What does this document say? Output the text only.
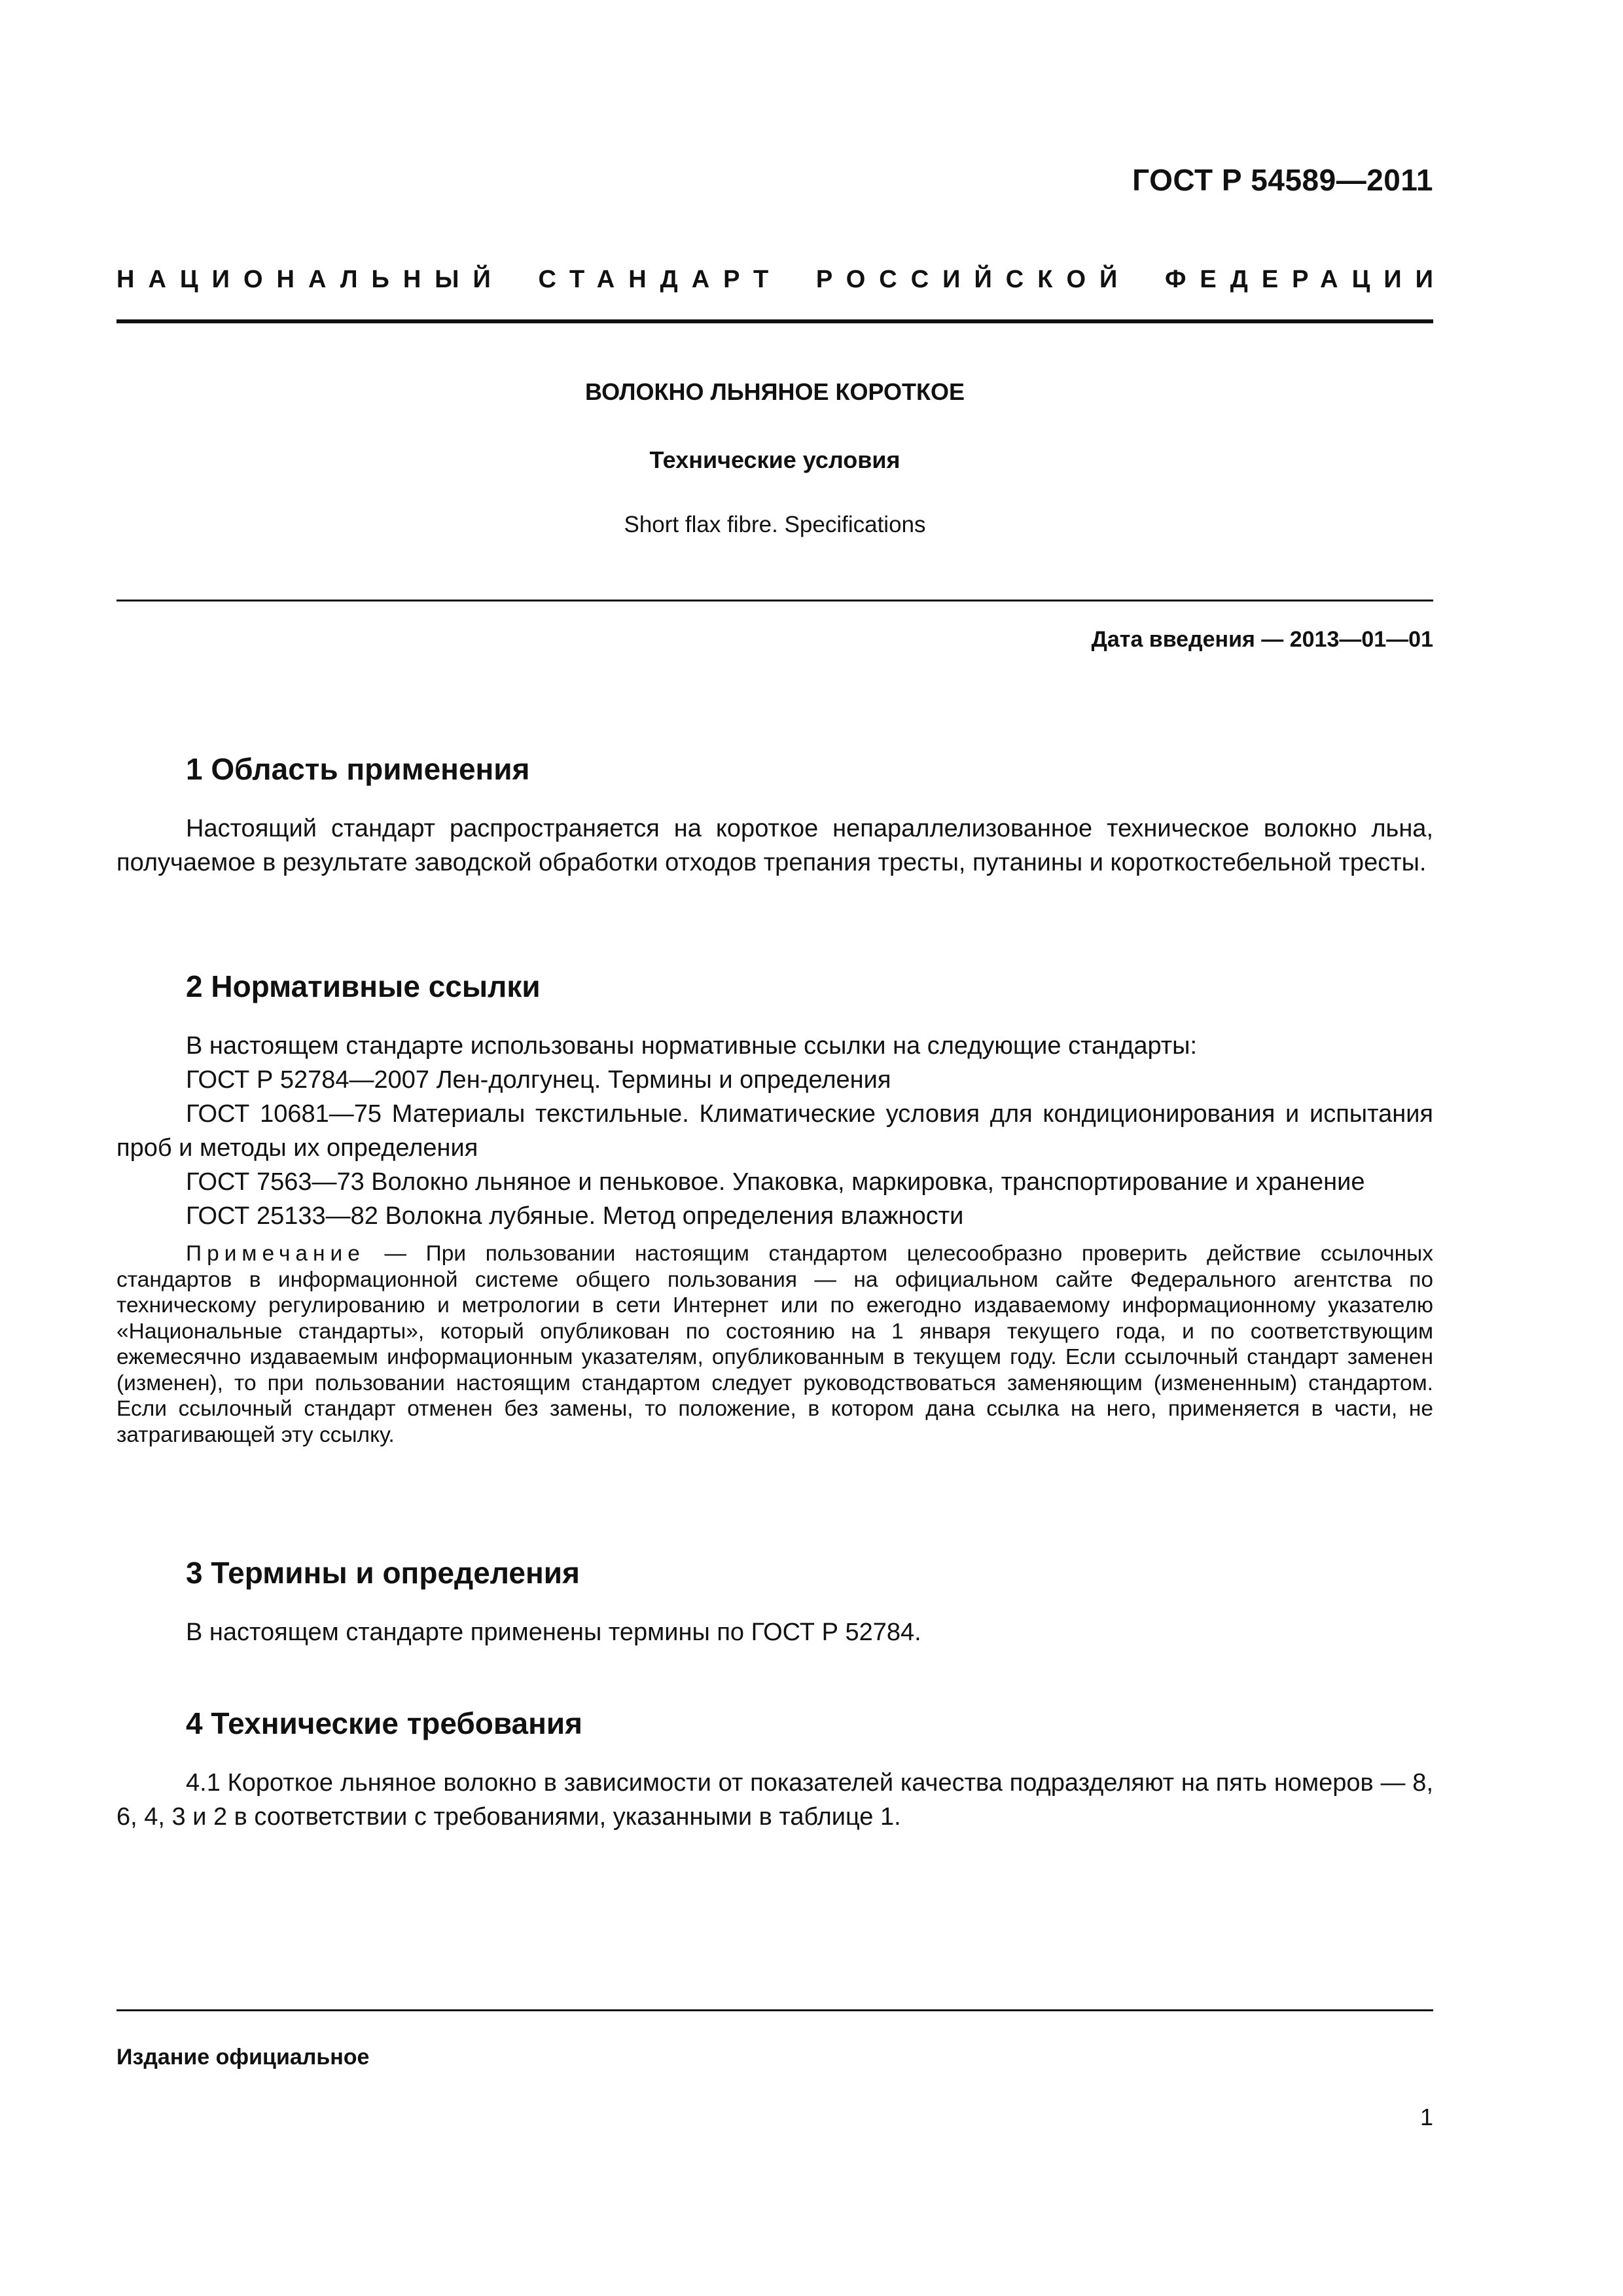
ГОСТ Р 54589—2011
НАЦИОНАЛЬНЫЙ СТАНДАРТ РОССИЙСКОЙ ФЕДЕРАЦИИ
ВОЛОКНО ЛЬНЯНОЕ КОРОТКОЕ
Технические условия
Short flax fibre. Specifications
Дата введения — 2013—01—01
1 Область применения

Настоящий стандарт распространяется на короткое непараллелизованное техническое волокно льна, получаемое в результате заводской обработки отходов трепания тресты, путанины и короткостебельной тресты.

2 Нормативные ссылки

В настоящем стандарте использованы нормативные ссылки на следующие стандарты:

ГОСТ Р 52784—2007 Лен-долгунец. Термины и определения

ГОСТ 10681—75 Материалы текстильные. Климатические условия для кондиционирования и испытания проб и методы их определения

ГОСТ 7563—73 Волокно льняное и пеньковое. Упаковка, маркировка, транспортирование и хранение

ГОСТ 25133—82 Волокна лубяные. Метод определения влажности

Примечание — При пользовании настоящим стандартом целесообразно проверить действие ссылочных стандартов в информационной системе общего пользования — на официальном сайте Федерального агентства по техническому регулированию и метрологии в сети Интернет или по ежегодно издаваемому информационному указателю «Национальные стандарты», который опубликован по состоянию на 1 января текущего года, и по соответствующим ежемесячно издаваемым информационным указателям, опубликованным в текущем году. Если ссылочный стандарт заменен (изменен), то при пользовании настоящим стандартом следует руководствоваться заменяющим (измененным) стандартом. Если ссылочный стандарт отменен без замены, то положение, в котором дана ссылка на него, применяется в части, не затрагивающей эту ссылку.

3 Термины и определения

В настоящем стандарте применены термины по ГОСТ Р 52784.

4 Технические требования

4.1 Короткое льняное волокно в зависимости от показателей качества подразделяют на пять номеров — 8, 6, 4, 3 и 2 в соответствии с требованиями, указанными в таблице 1.

Издание официальное
1
